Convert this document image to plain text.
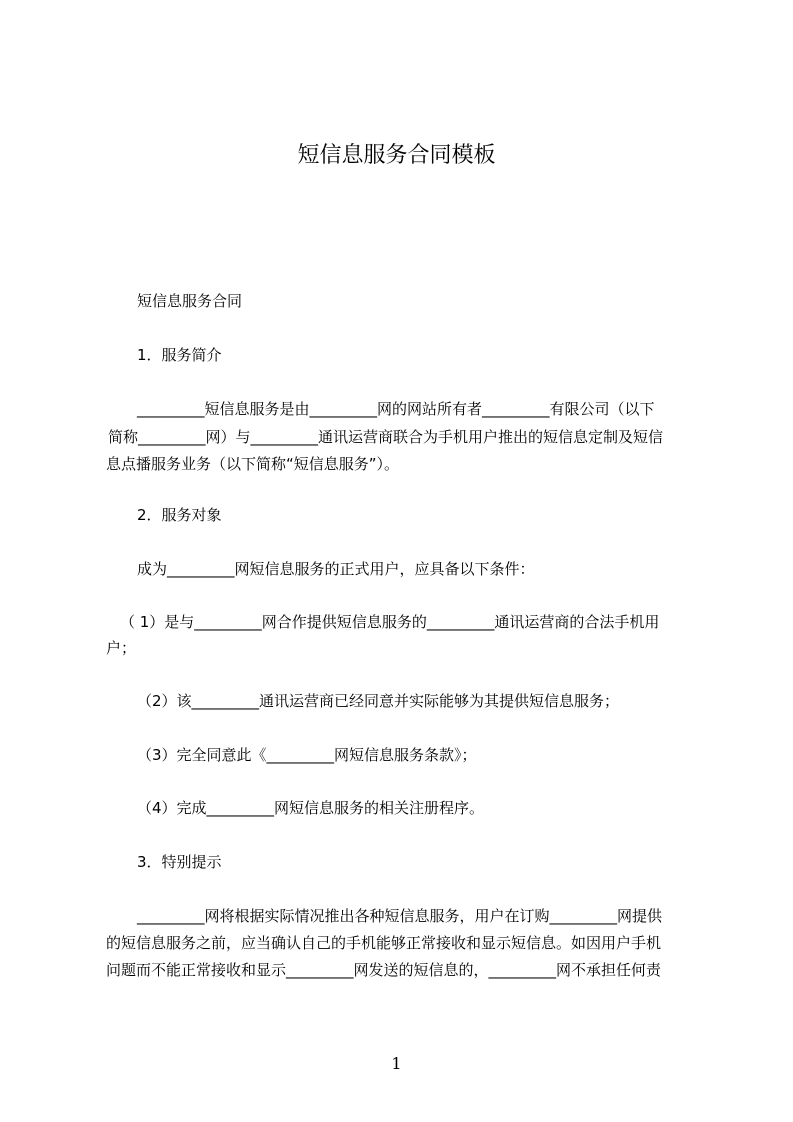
短信息服务合同模板
短信息服务合同
1．服务简介
_________短信息服务是由_________网的网站所有者_________有限公司（以下
简称_________网）与_________通讯运营商联合为手机用户推出的短信息定制及短信
息点播服务业务（以下简称“短信息服务”）。
2．服务对象
成为_________网短信息服务的正式用户，应具备以下条件：
（ 1）是与_________网合作提供短信息服务的_________通讯运营商的合法手机用
户；
（2）该_________通讯运营商已经同意并实际能够为其提供短信息服务；
（3）完全同意此《_________网短信息服务条款》；
（4）完成_________网短信息服务的相关注册程序。
3．特别提示
_________网将根据实际情况推出各种短信息服务，用户在订购_________网提供
的短信息服务之前，应当确认自己的手机能够正常接收和显示短信息。如因用户手机
问题而不能正常接收和显示_________网发送的短信息的，_________网不承担任何责
1
